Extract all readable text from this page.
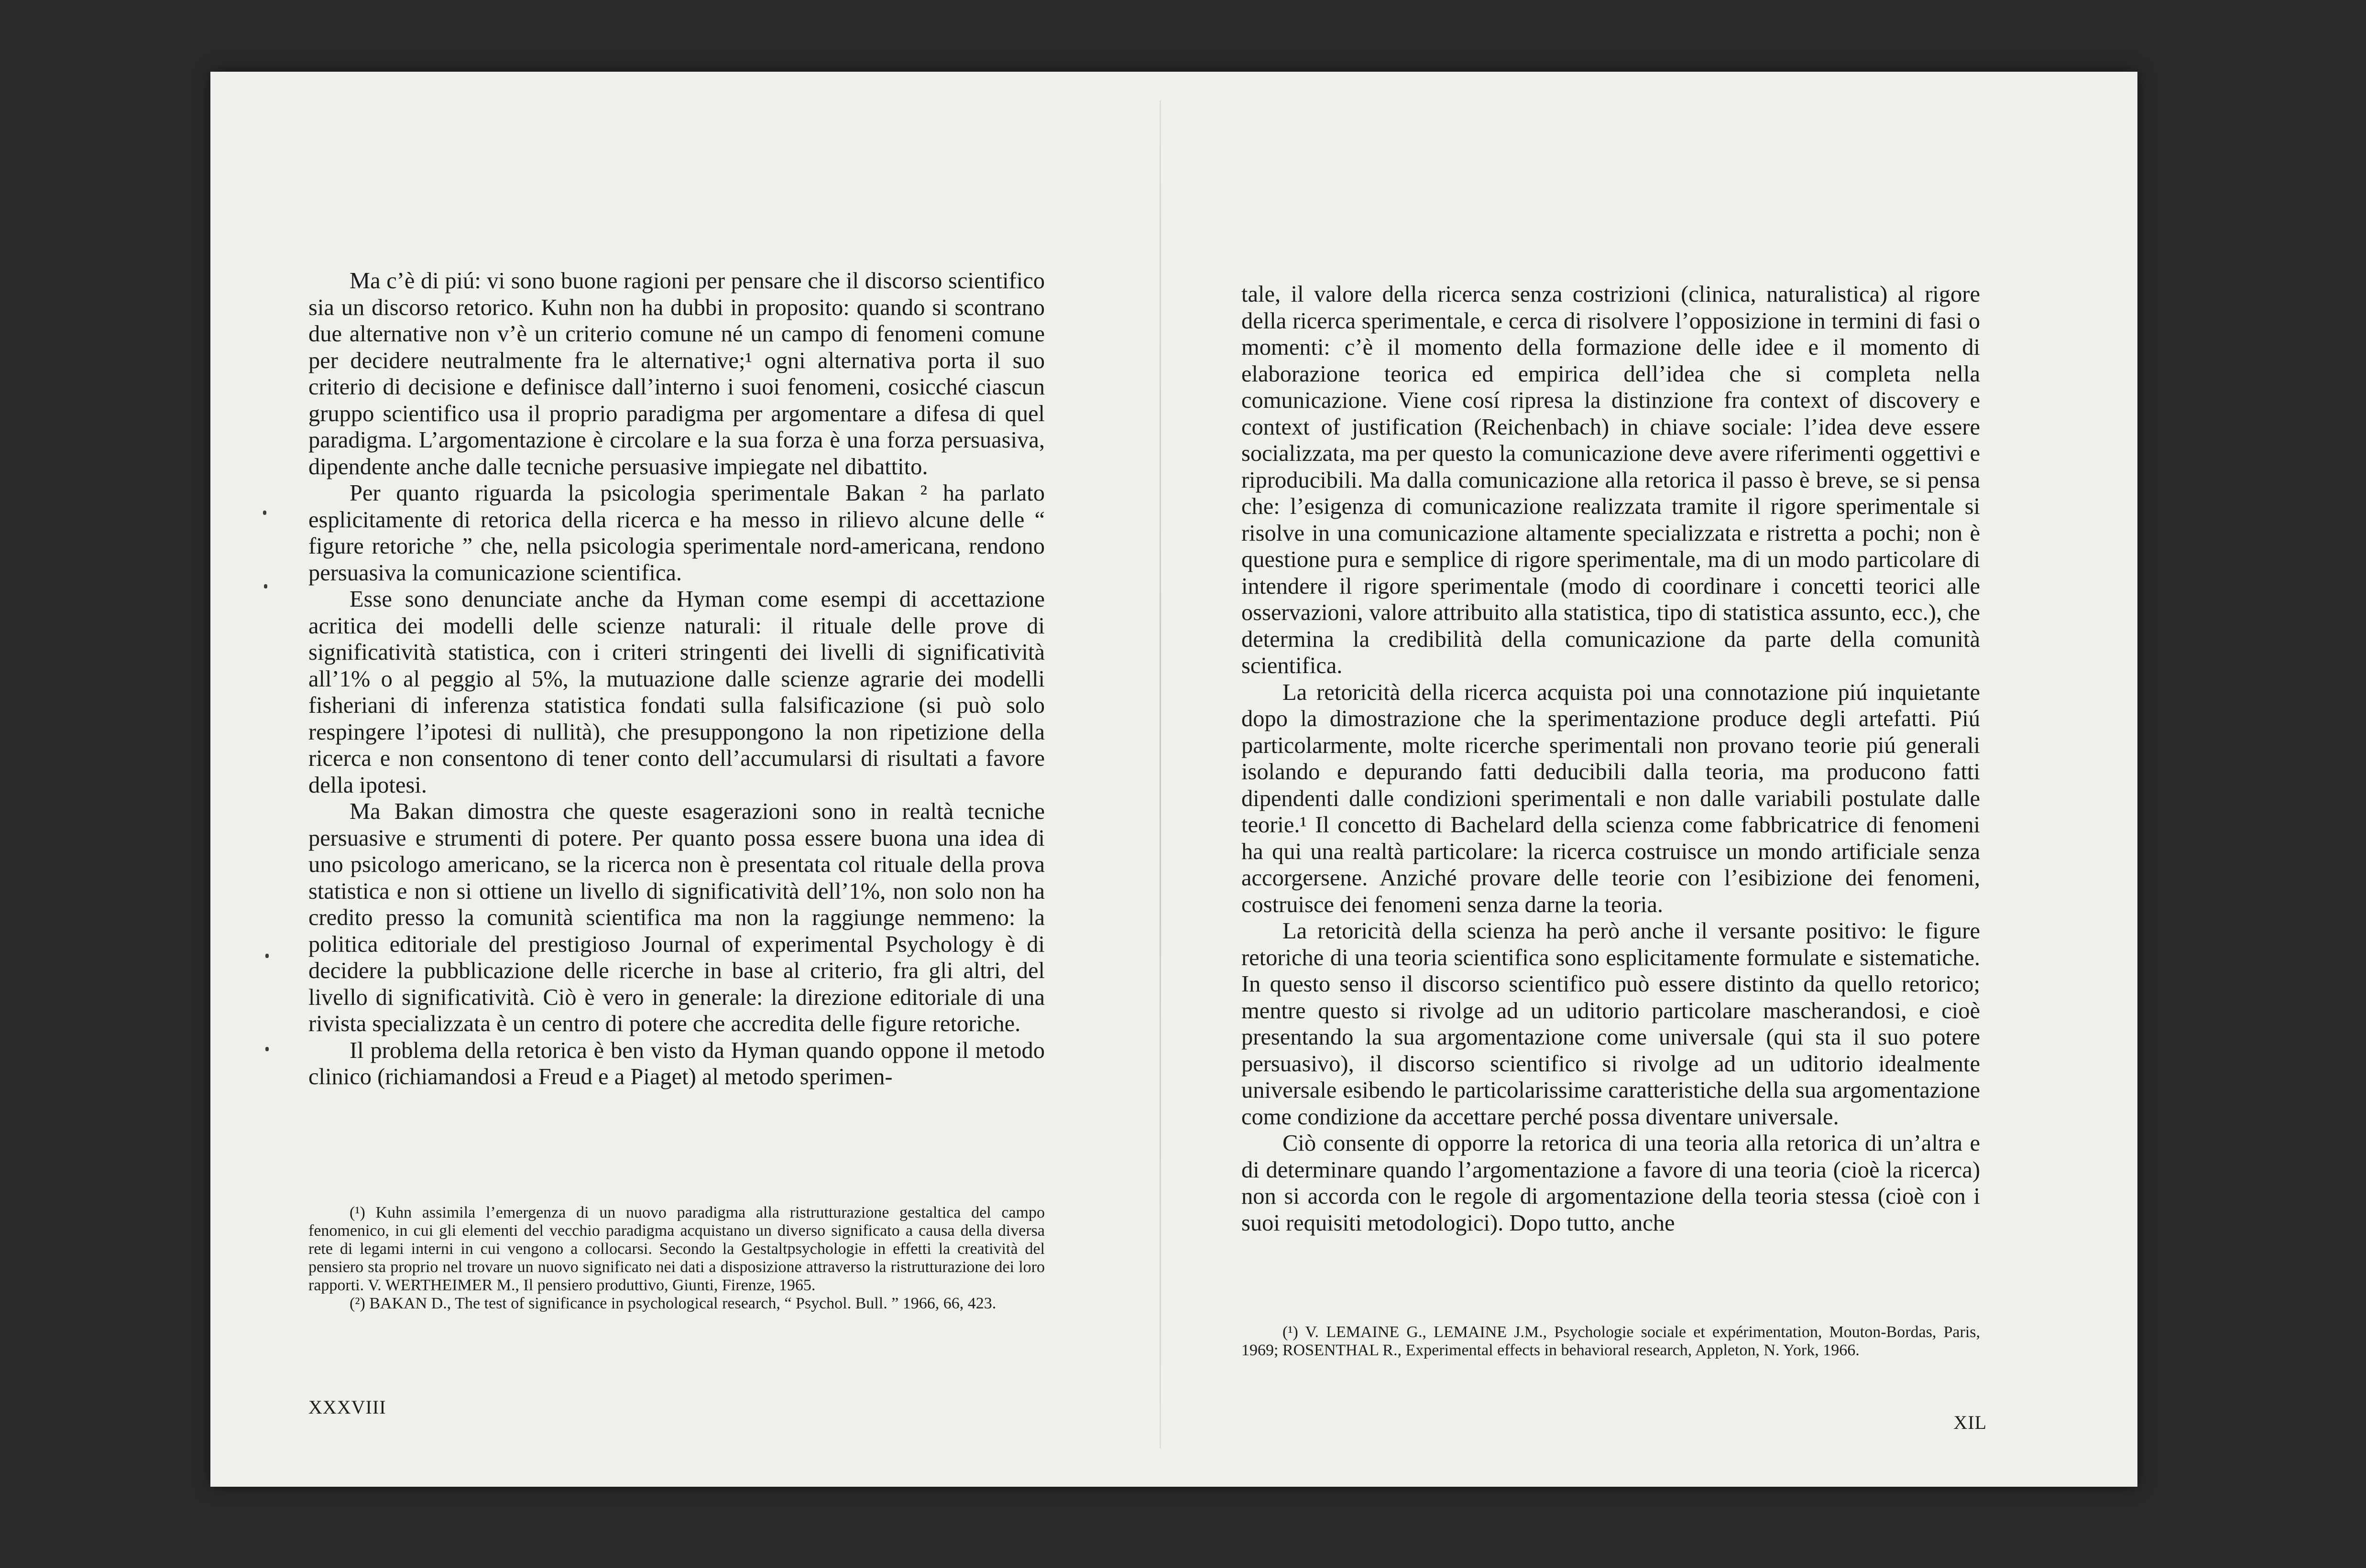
Ma c’è di piú: vi sono buone ragioni per pensare che il discorso scientifico sia un discorso retorico. Kuhn non ha dubbi in proposito: quando si scontrano due alternative non v’è un criterio comune né un campo di fenomeni comune per decidere neutralmente fra le alternative;¹ ogni alternativa porta il suo criterio di decisione e definisce dall’interno i suoi fenomeni, cosicché ciascun gruppo scientifico usa il proprio paradigma per argomentare a difesa di quel paradigma. L’argomentazione è circolare e la sua forza è una forza persuasiva, dipendente anche dalle tecniche persuasive impiegate nel dibattito.

Per quanto riguarda la psicologia sperimentale Bakan ² ha parlato esplicitamente di retorica della ricerca e ha messo in rilievo alcune delle “ figure retoriche ” che, nella psicologia sperimentale nord-americana, rendono persuasiva la comunicazione scientifica.

Esse sono denunciate anche da Hyman come esempi di accettazione acritica dei modelli delle scienze naturali: il rituale delle prove di significatività statistica, con i criteri stringenti dei livelli di significatività all’1% o al peggio al 5%, la mutuazione dalle scienze agrarie dei modelli fisheriani di inferenza statistica fondati sulla falsificazione (si può solo respingere l’ipotesi di nullità), che presuppongono la non ripetizione della ricerca e non consentono di tener conto dell’accumularsi di risultati a favore della ipotesi.

Ma Bakan dimostra che queste esagerazioni sono in realtà tecniche persuasive e strumenti di potere. Per quanto possa essere buona una idea di uno psicologo americano, se la ricerca non è presentata col rituale della prova statistica e non si ottiene un livello di significatività dell’1%, non solo non ha credito presso la comunità scientifica ma non la raggiunge nemmeno: la politica editoriale del prestigioso Journal of experimental Psychology è di decidere la pubblicazione delle ricerche in base al criterio, fra gli altri, del livello di significatività. Ciò è vero in generale: la direzione editoriale di una rivista specializzata è un centro di potere che accredita delle figure retoriche.

Il problema della retorica è ben visto da Hyman quando oppone il metodo clinico (richiamandosi a Freud e a Piaget) al metodo sperimen-

(¹) Kuhn assimila l’emergenza di un nuovo paradigma alla ristrutturazione gestaltica del campo fenomenico, in cui gli elementi del vecchio paradigma acquistano un diverso significato a causa della diversa rete di legami interni in cui vengono a collocarsi. Secondo la Gestaltpsychologie in effetti la creatività del pensiero sta proprio nel trovare un nuovo significato nei dati a disposizione attraverso la ristrutturazione dei loro rapporti. V. WERTHEIMER M., Il pensiero produttivo, Giunti, Firenze, 1965.

(²) BAKAN D., The test of significance in psychological research, “ Psychol. Bull. ” 1966, 66, 423.

XXXVIII

tale, il valore della ricerca senza costrizioni (clinica, naturalistica) al rigore della ricerca sperimentale, e cerca di risolvere l’opposizione in termini di fasi o momenti: c’è il momento della formazione delle idee e il momento di elaborazione teorica ed empirica dell’idea che si completa nella comunicazione. Viene cosí ripresa la distinzione fra context of discovery e context of justification (Reichenbach) in chiave sociale: l’idea deve essere socializzata, ma per questo la comunicazione deve avere riferimenti oggettivi e riproducibili. Ma dalla comunicazione alla retorica il passo è breve, se si pensa che: l’esigenza di comunicazione realizzata tramite il rigore sperimentale si risolve in una comunicazione altamente specializzata e ristretta a pochi; non è questione pura e semplice di rigore sperimentale, ma di un modo particolare di intendere il rigore sperimentale (modo di coordinare i concetti teorici alle osservazioni, valore attribuito alla statistica, tipo di statistica assunto, ecc.), che determina la credibilità della comunicazione da parte della comunità scientifica.

La retoricità della ricerca acquista poi una connotazione piú inquietante dopo la dimostrazione che la sperimentazione produce degli artefatti. Piú particolarmente, molte ricerche sperimentali non provano teorie piú generali isolando e depurando fatti deducibili dalla teoria, ma producono fatti dipendenti dalle condizioni sperimentali e non dalle variabili postulate dalle teorie.¹ Il concetto di Bachelard della scienza come fabbricatrice di fenomeni ha qui una realtà particolare: la ricerca costruisce un mondo artificiale senza accorgersene. Anziché provare delle teorie con l’esibizione dei fenomeni, costruisce dei fenomeni senza darne la teoria.

La retoricità della scienza ha però anche il versante positivo: le figure retoriche di una teoria scientifica sono esplicitamente formulate e sistematiche. In questo senso il discorso scientifico può essere distinto da quello retorico; mentre questo si rivolge ad un uditorio particolare mascherandosi, e cioè presentando la sua argomentazione come universale (qui sta il suo potere persuasivo), il discorso scientifico si rivolge ad un uditorio idealmente universale esibendo le particolarissime caratteristiche della sua argomentazione come condizione da accettare perché possa diventare universale.

Ciò consente di opporre la retorica di una teoria alla retorica di un’altra e di determinare quando l’argomentazione a favore di una teoria (cioè la ricerca) non si accorda con le regole di argomentazione della teoria stessa (cioè con i suoi requisiti metodologici). Dopo tutto, anche

(¹) V. LEMAINE G., LEMAINE J.M., Psychologie sociale et expérimentation, Mouton-Bordas, Paris, 1969; ROSENTHAL R., Experimental effects in behavioral research, Appleton, N. York, 1966.

XIL
